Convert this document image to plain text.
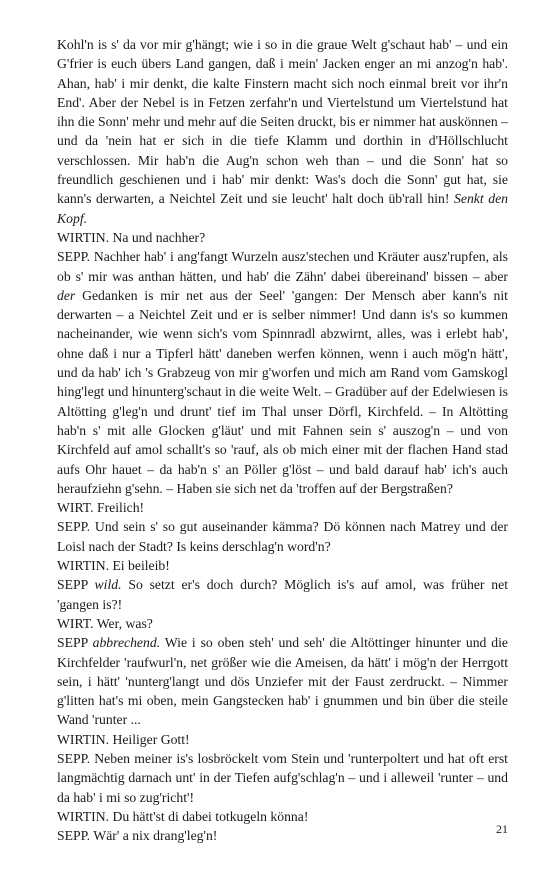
Kohl'n is s' da vor mir g'hängt; wie i so in die graue Welt g'schaut hab' – und ein G'frier is euch übers Land gangen, daß i mein' Jacken enger an mi anzog'n hab'. Ahan, hab' i mir denkt, die kalte Finstern macht sich noch einmal breit vor ihr'n End'. Aber der Nebel is in Fetzen zerfahr'n und Viertelstund um Viertelstund hat ihn die Sonn' mehr und mehr auf die Seiten druckt, bis er nimmer hat auskönnen – und da 'nein hat er sich in die tiefe Klamm und dorthin in d'Höllschlucht verschlossen. Mir hab'n die Aug'n schon weh than – und die Sonn' hat so freundlich geschienen und i hab' mir denkt: Was's doch die Sonn' gut hat, sie kann's derwarten, a Neichtel Zeit und sie leucht' halt doch üb'rall hin! Senkt den Kopf.

WIRTIN. Na und nachher?

SEPP. Nachher hab' i ang'fangt Wurzeln ausz'stechen und Kräuter ausz'rupfen, als ob s' mir was anthan hätten, und hab' die Zähn' dabei übereinand' bissen – aber der Gedanken is mir net aus der Seel' 'gangen: Der Mensch aber kann's nit derwarten – a Neichtel Zeit und er is selber nimmer! Und dann is's so kummen nacheinander, wie wenn sich's vom Spinnradl abzwirnt, alles, was i erlebt hab', ohne daß i nur a Tipferl hätt' daneben werfen können, wenn i auch mög'n hätt', und da hab' ich 's Grabzeug von mir g'worfen und mich am Rand vom Gamskogl hing'legt und hinunterg'schaut in die weite Welt. – Gradüber auf der Edelwiesen is Altötting g'leg'n und drunt' tief im Thal unser Dörfl, Kirchfeld. – In Altötting hab'n s' mit alle Glocken g'läut' und mit Fahnen sein s' auszog'n – und von Kirchfeld auf amol schallt's so 'rauf, als ob mich einer mit der flachen Hand stad aufs Ohr hauet – da hab'n s' an Pöller g'löst – und bald darauf hab' ich's auch heraufziehn g'sehn. – Haben sie sich net da 'troffen auf der Bergstraßen?

WIRT. Freilich!

SEPP. Und sein s' so gut auseinander kämma? Dö können nach Matrey und der Loisl nach der Stadt? Is keins derschlag'n word'n?

WIRTIN. Ei beileib!

SEPP wild. So setzt er's doch durch? Möglich is's auf amol, was früher net 'gangen is?!

WIRT. Wer, was?

SEPP abbrechend. Wie i so oben steh' und seh' die Altöttinger hinunter und die Kirchfelder 'raufwurl'n, net größer wie die Ameisen, da hätt' i mög'n der Herrgott sein, i hätt' 'nunterg'langt und dös Unziefer mit der Faust zerdruckt. – Nimmer g'litten hat's mi oben, mein Gangstecken hab' i gnummen und bin über die steile Wand 'runter ...

WIRTIN. Heiliger Gott!

SEPP. Neben meiner is's losbröckelt vom Stein und 'runterpoltert und hat oft erst langmächtig darnach unt' in der Tiefen aufg'schlag'n – und i alleweil 'runter – und da hab' i mi so zug'richt'!

WIRTIN. Du hätt'st di dabei totkugeln könna!

SEPP. Wär' a nix drang'leg'n!	21
